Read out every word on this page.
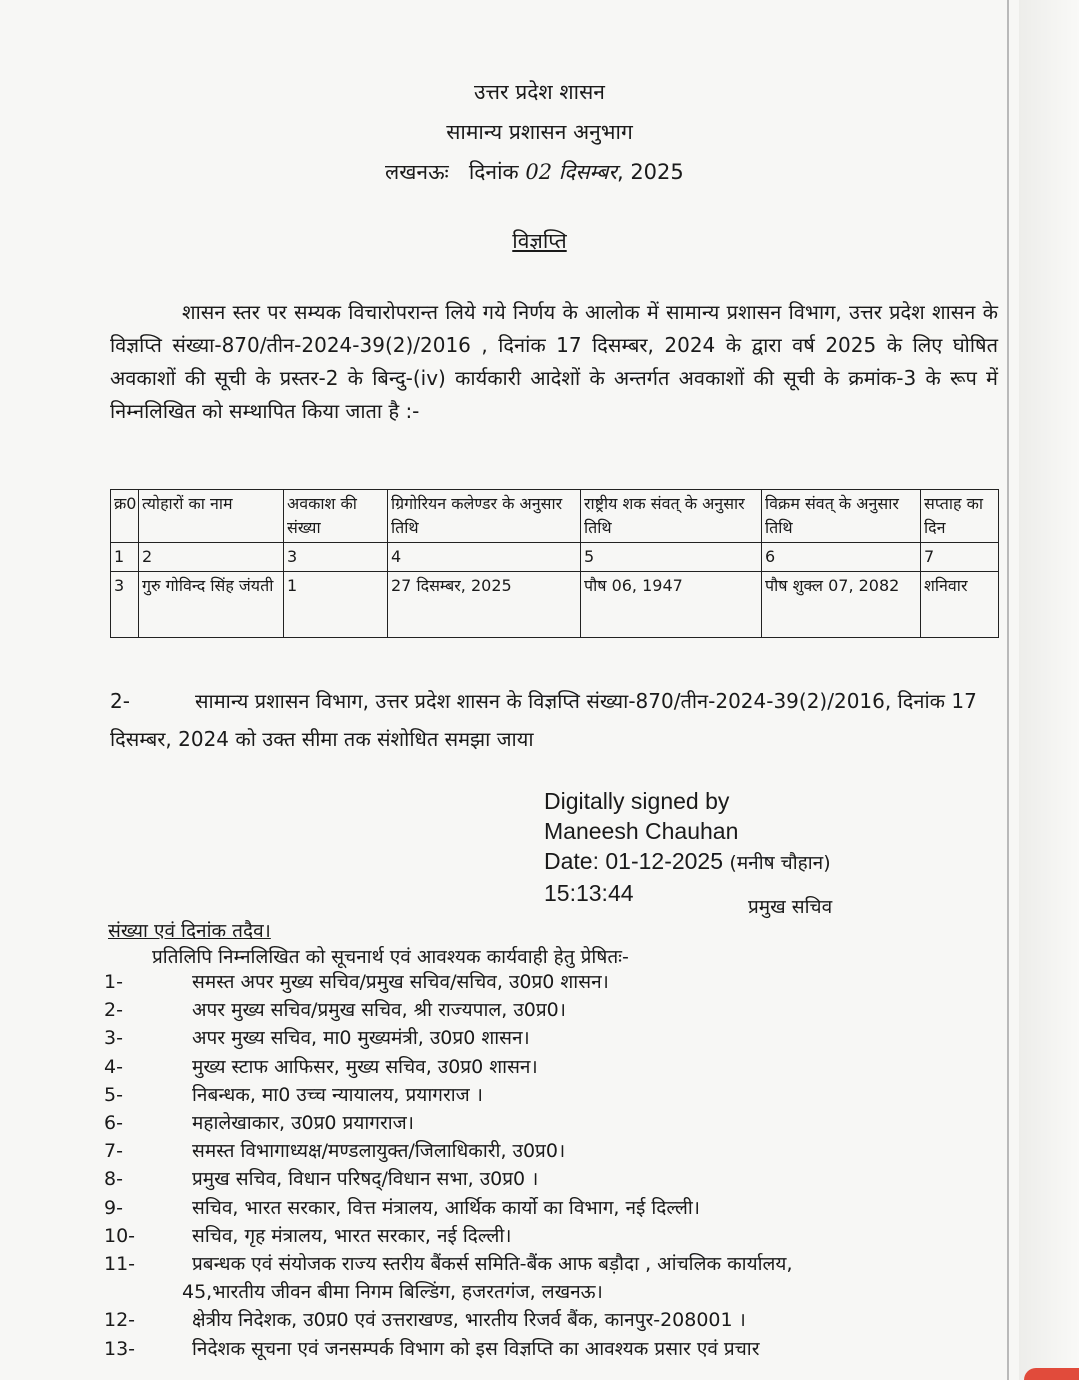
उत्तर प्रदेश शासन
सामान्य प्रशासन अनुभाग
लखनऊः दिनांक 02 दिसम्बर, 2025
विज्ञप्ति
शासन स्तर पर सम्यक विचारोपरान्त लिये गये निर्णय के आलोक में सामान्य प्रशासन विभाग, उत्तर प्रदेश शासन के विज्ञप्ति संख्या-870/तीन-2024-39(2)/2016 , दिनांक 17 दिसम्बर, 2024 के द्वारा वर्ष 2025 के लिए घोषित अवकाशों की सूची के प्रस्तर-2 के बिन्दु-(iv) कार्यकारी आदेशों के अन्तर्गत अवकाशों की सूची के क्रमांक-3 के रूप में निम्नलिखित को सम्थापित किया जाता है :-
क्र0	त्योहारों का नाम	अवकाश की संख्या	ग्रिगोरियन कलेण्डर के अनुसार तिथि	राष्ट्रीय शक संवत् के अनुसार तिथि	विक्रम संवत् के अनुसार तिथि	सप्ताह का दिन
1	2	3	4	5	6	7
3	गुरु गोविन्द सिंह जंयती	1	27 दिसम्बर, 2025	पौष 06, 1947	पौष शुक्ल 07, 2082	शनिवार
2-	सामान्य प्रशासन विभाग, उत्तर प्रदेश शासन के विज्ञप्ति संख्या-870/तीन-2024-39(2)/2016, दिनांक 17 दिसम्बर, 2024 को उक्त सीमा तक संशोधित समझा जाया
Digitally signed by
Maneesh Chauhan
Date: 01-12-2025 (मनीष चौहान)
15:13:44
प्रमुख सचिव
संख्या एवं दिनांक तदैव।
प्रतिलिपि निम्नलिखित को सूचनार्थ एवं आवश्यक कार्यवाही हेतु प्रेषितः-
1-	समस्त अपर मुख्य सचिव/प्रमुख सचिव/सचिव, उ0प्र0 शासन।
2-	अपर मुख्य सचिव/प्रमुख सचिव, श्री राज्यपाल, उ0प्र0।
3-	अपर मुख्य सचिव, मा0 मुख्यमंत्री, उ0प्र0 शासन।
4-	मुख्य स्टाफ आफिसर, मुख्य सचिव, उ0प्र0 शासन।
5-	निबन्धक, मा0 उच्च न्यायालय, प्रयागराज ।
6-	महालेखाकार, उ0प्र0 प्रयागराज।
7-	समस्त विभागाध्यक्ष/मण्डलायुक्त/जिलाधिकारी, उ0प्र0।
8-	प्रमुख सचिव, विधान परिषद्/विधान सभा, उ0प्र0 ।
9-	सचिव, भारत सरकार, वित्त मंत्रालय, आर्थिक कार्यो का विभाग, नई दिल्ली।
10-	सचिव, गृह मंत्रालय, भारत सरकार, नई दिल्ली।
11-	प्रबन्धक एवं संयोजक राज्य स्तरीय बैंकर्स समिति-बैंक आफ बड़ौदा , आंचलिक कार्यालय,
45,भारतीय जीवन बीमा निगम बिल्डिंग, हजरतगंज, लखनऊ।
12-	क्षेत्रीय निदेशक, उ0प्र0 एवं उत्तराखण्ड, भारतीय रिजर्व बैंक, कानपुर-208001 ।
13-	निदेशक सूचना एवं जनसम्पर्क विभाग को इस विज्ञप्ति का आवश्यक प्रसार एवं प्रचार
